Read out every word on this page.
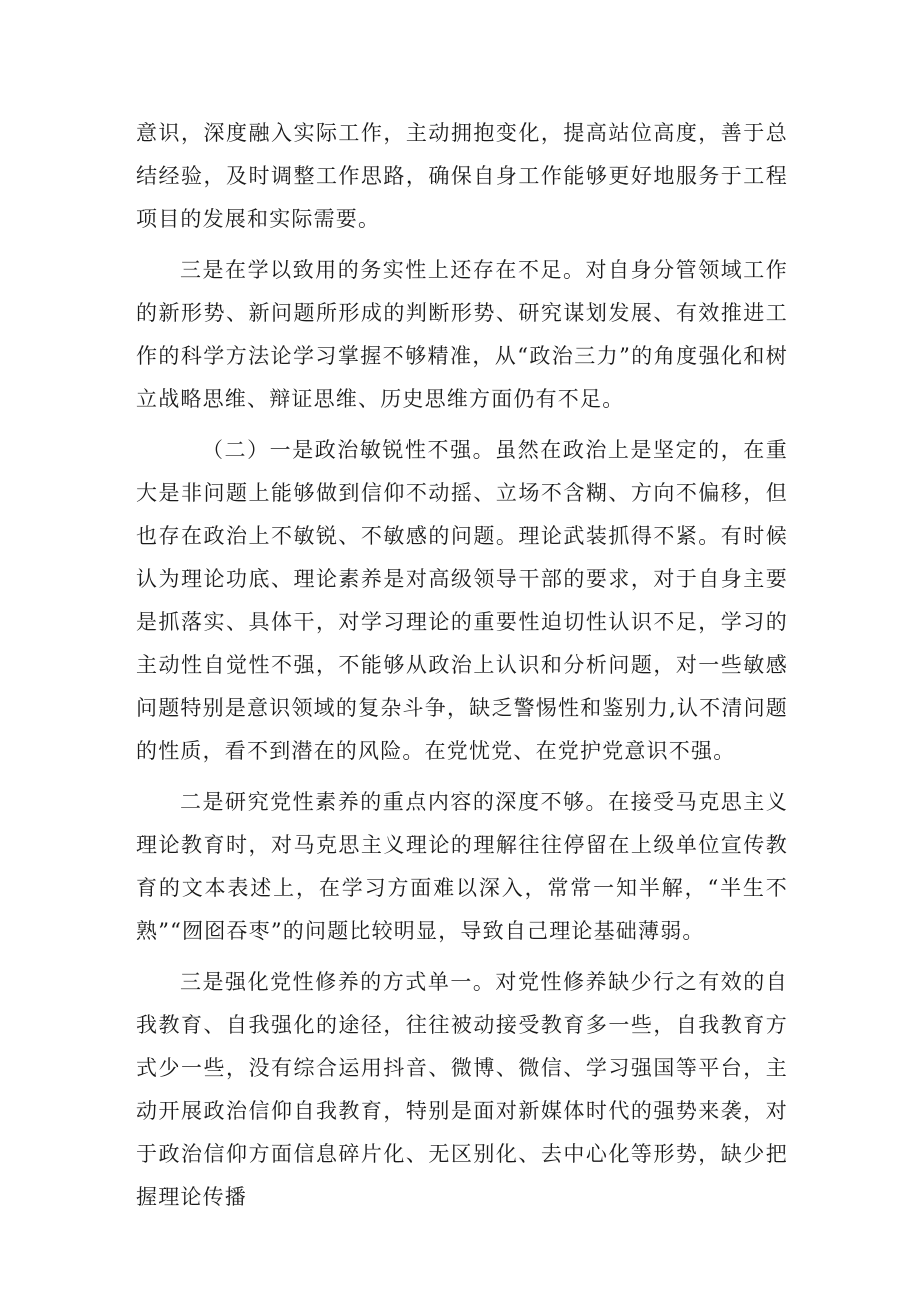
意识，深度融入实际工作，主动拥抱变化，提高站位高度，善于总结经验，及时调整工作思路，确保自身工作能够更好地服务于工程项目的发展和实际需要。

三是在学以致用的务实性上还存在不足。对自身分管领域工作的新形势、新问题所形成的判断形势、研究谋划发展、有效推进工作的科学方法论学习掌握不够精准，从“政治三力”的角度强化和树立战略思维、辩证思维、历史思维方面仍有不足。

（二）一是政治敏锐性不强。虽然在政治上是坚定的，在重大是非问题上能够做到信仰不动摇、立场不含糊、方向不偏移，但也存在政治上不敏锐、不敏感的问题。理论武装抓得不紧。有时候认为理论功底、理论素养是对高级领导干部的要求，对于自身主要是抓落实、具体干，对学习理论的重要性迫切性认识不足，学习的主动性自觉性不强，不能够从政治上认识和分析问题，对一些敏感问题特别是意识领域的复杂斗争，缺乏警惕性和鉴别力,认不清问题的性质，看不到潜在的风险。在党忧党、在党护党意识不强。

二是研究党性素养的重点内容的深度不够。在接受马克思主义理论教育时，对马克思主义理论的理解往往停留在上级单位宣传教育的文本表述上，在学习方面难以深入，常常一知半解，“半生不熟”“囫囵吞枣”的问题比较明显，导致自己理论基础薄弱。

三是强化党性修养的方式单一。对党性修养缺少行之有效的自我教育、自我强化的途径，往往被动接受教育多一些，自我教育方式少一些，没有综合运用抖音、微博、微信、学习强国等平台，主动开展政治信仰自我教育，特别是面对新媒体时代的强势来袭，对于政治信仰方面信息碎片化、无区别化、去中心化等形势，缺少把握理论传播
